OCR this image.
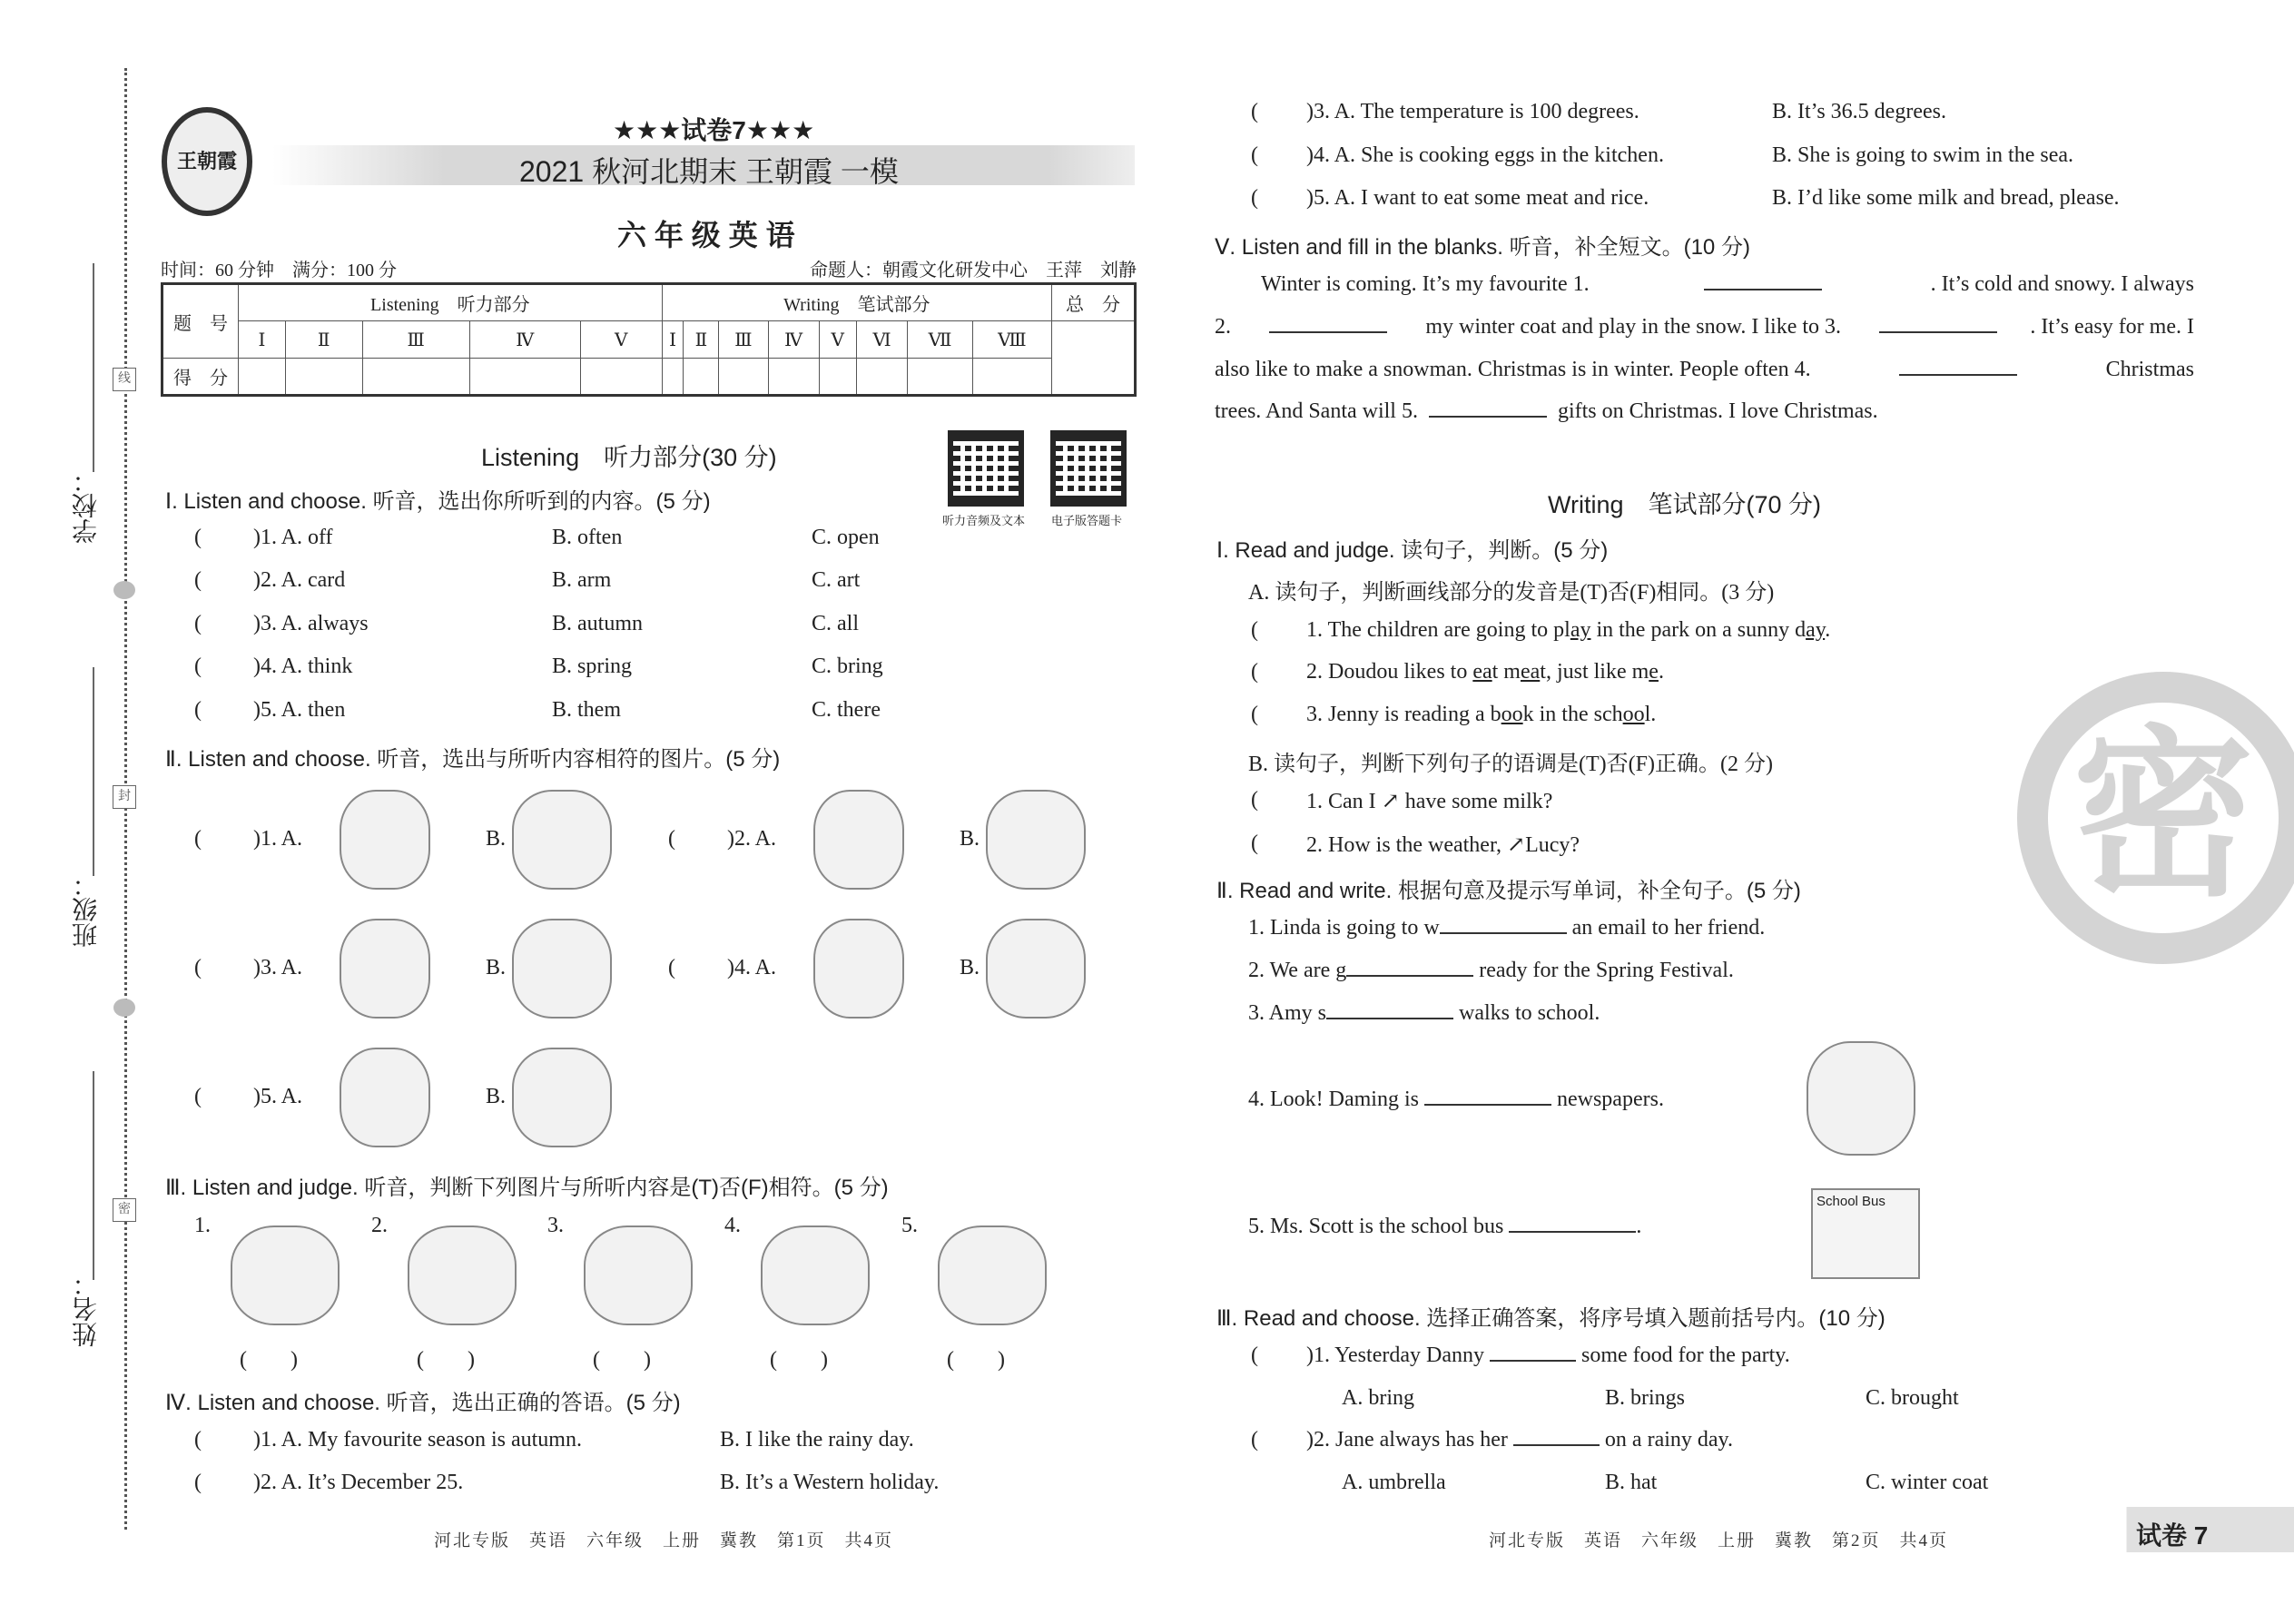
学校：
班级：
姓名：
线
封
密
王朝霞
★★★试卷7★★★
2021 秋河北期末 王朝霞 一模
六 年 级 英 语
时间：60 分钟　满分：100 分	命题人：朝霞文化研发中心　王萍　刘静
题　号	Listening　听力部分					Writing　笔试部分								总　分
	Ⅰ	Ⅱ	Ⅲ	Ⅳ	Ⅴ	Ⅰ	Ⅱ	Ⅲ	Ⅳ	Ⅴ	Ⅵ	Ⅶ	Ⅷ	
得　分														
Listening　听力部分(30 分)
听力音频及文本 电子版答题卡
Ⅰ. Listen and choose. 听音，选出你所听到的内容。(5 分)
Ⅱ. Listen and choose. 听音，选出与所听内容相符的图片。(5 分)
Ⅲ. Listen and judge. 听音，判断下列图片与所听内容是(T)否(F)相符。(5 分)
Ⅳ. Listen and choose. 听音，选出正确的答语。(5 分)
Ⅴ. Listen and fill in the blanks. 听音，补全短文。(10 分)
Writing　笔试部分(70 分)
Ⅰ. Read and judge. 读句子，判断。(5 分)
A. 读句子，判断画线部分的发音是(T)否(F)相同。(3 分)
B. 读句子，判断下列句子的语调是(T)否(F)正确。(2 分)
Ⅱ. Read and write. 根据句意及提示写单词，补全句子。(5 分)
School Bus
Ⅲ. Read and choose. 选择正确答案，将序号填入题前括号内。(10 分)
密
河北专版　英语　六年级　上册　冀教　第1页　共4页	河北专版　英语　六年级　上册　冀教　第2页　共4页	试卷 7
( )1. A. off	B. often	C. open
( )2. A. card	B. arm	C. art
( )3. A. always	B. autumn	C. all
( )4. A. think	B. spring	C. bring
( )5. A. then	B. them	C. there
( )1. A.	B.	( )2. A.	B.
( )3. A.	B.	( )4. A.	B.
( )5. A.	B.
1.
(　　)
2.
(　　)
3.
(　　)
4.
(　　)
5.
(　　)
( )1. A. My favourite season is autumn.	B. I like the rainy day.
( )2. A. It’s December 25.	B. It’s a Western holiday.
( )3. A. The temperature is 100 degrees.	B. It’s 36.5 degrees.
( )4. A. She is cooking eggs in the kitchen.	B. She is going to swim in the sea.
( )5. A. I want to eat some meat and rice.	B. I’d like some milk and bread, please.
Winter is coming. It’s my favourite 1.	. It’s cold and snowy. I always
2.	my winter coat and play in the snow. I like to 3.	. It’s easy for me. I
also like to make a snowman. Christmas is in winter. People often 4.	Christmas
trees. And Santa will 5.	gifts on Christmas. I love Christmas.
( 1. The children are going to play in the park on a sunny day.
( 2. Doudou likes to eat meat, just like me.
( 3. Jenny is reading a book in the school.
( 1. Can I ↗ have some milk?
( 2. How is the weather, ↗Lucy?
1. Linda is going to w	an email to her friend.
2. We are g	ready for the Spring Festival.
3. Amy s	walks to school.
4. Look! Daming is	newspapers.
5. Ms. Scott is the school bus	.
( )1. Yesterday Danny	some food for the party.
A. bring	B. brings	C. brought
( )2. Jane always has her	on a rainy day.
A. umbrella	B. hat	C. winter coat
